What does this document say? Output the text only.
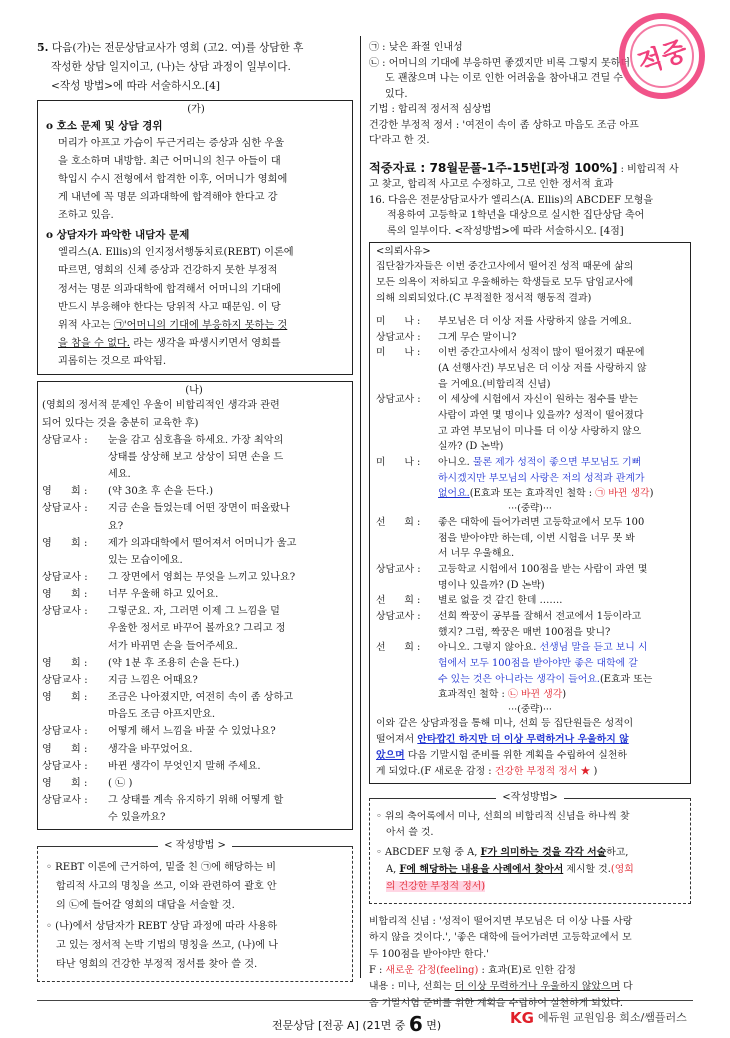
5. 다음(가)는 전문상담교사가 영희 (고2. 여)를 상담한 후
작성한 상담 일지이고, (나)는 상담 과정이 일부이다.
<작성 방법>에 따라 서술하시오.[4]
(가)
o 호소 문제 및 상담 경위
머리가 아프고 가슴이 두근거리는 증상과 심한 우울
을 호소하며 내방함. 최근 어머니의 친구 아들이 대
학입시 수시 전형에서 합격한 이후, 어머니가 영희에
게 내년에 꼭 명문 의과대학에 합격해야 한다고 강
조하고 있음.
o 상담자가 파악한 내담자 문제
엘리스(A. Ellis)의 인지정서행동치료(REBT) 이론에
따르면, 영희의 신체 증상과 건강하지 못한 부정적
정서는 명문 의과대학에 합격해서 어머니의 기대에
반드시 부응해야 한다는 당위적 사고 때문임. 이 당
위적 사고는 ㉠'어머니의 기대에 부응하지 못하는 것
을 참을 수 없다. 라는 생각을 파생시키면서 영희를
괴롭히는 것으로 파악됨.
(나)
(영희의 정서적 문제인 우울이 비합리적인 생각과 관련
되어 있다는 것을 충분히 교육한 후)
상담교사 :	눈을 감고 심호흡을 하세요. 가장 최악의
상태를 상상해 보고 상상이 되면 손을 드
세요.
영      희 :	(약 30초 후 손을 든다.)
상담교사 :	지금 손을 들었는데 어떤 장면이 떠올랐나
요?
영      희 :	제가 의과대학에서 떨어져서 어머니가 울고
있는 모습이에요.
상담교사 :	그 장면에서 영희는 무엇을 느끼고 있나요?
영      희 :	너무 우울해 하고 있어요.
상담교사 :	그렇군요. 자, 그러면 이제 그 느낌을 덜
우울한 정서로 바꾸어 볼까요? 그리고 정
서가 바뀌면 손을 들어주세요.
영      희 :	(약 1분 후 조용히 손을 든다.)
상담교사 :	지금 느낌은 어때요?
영      희 :	조금은 나아졌지만, 여전히 속이 좀 상하고
마음도 조금 아프지만요.
상담교사 :	어떻게 해서 느낌을 바꿀 수 있었나요?
영      희 :	생각을 바꾸었어요.
상담교사 :	바뀐 생각이 무엇인지 말해 주세요.
영      희 :	( ㉡ )
상담교사 :	그 상태를 계속 유지하기 위해 어떻게 할
수 있을까요?
< 작성방법 >
◦ REBT 이론에 근거하여, 밑줄 친 ㉠에 해당하는 비
합리적 사고의 명칭을 쓰고, 이와 관련하여 괄호 안
의 ㉡에 들어갈 영희의 대답을 서술할 것.
◦ (나)에서 상담자가 REBT 상담 과정에 따라 사용하
고 있는 정서적 논박 기법의 명칭을 쓰고, (나)에 나
타난 영희의 건강한 부정적 정서를 찾아 쓸 것.
㉠ : 낮은 좌절 인내성
㉡ : 어머니의 기대에 부응하면 좋겠지만 비록 그렇지 못하더
도 괜찮으며 나는 이로 인한 어려움을 참아내고 견딜 수
있다.
기법 : 합리적 정서적 심상법
건강한 부정적 정서 : '여전이 속이 좀 상하고 마음도 조금 아프
다'라고 한 것.
적중자료 : 78월문풀-1주-15번[과정 100%] : 비합리적 사
고 찾고, 합리적 사고로 수정하고, 그로 인한 정서적 효과
16. 다음은 전문상담교사가 엘리스(A. Ellis)의 ABCDEF 모형을
적용하여 고등학교 1학년을 대상으로 실시한 집단상담 축어
록의 일부이다. <작성방법>에 따라 서술하시오. [4점]
<의뢰사유>
집단참가자들은 이번 중간고사에서 떨어진 성적 때문에 삶의
모든 의욕이 저하되고 우울해하는 학생들로 모두 담임교사에
의해 의뢰되었다.(C 부적절한 정서적 행동적 결과)
미      나 :	부모님은 더 이상 저를 사랑하지 않을 거예요.
상담교사 :	그게 무슨 말이니?
미      나 :	이번 중간고사에서 성적이 많이 떨어졌기 때문에
(A 선행사건) 부모님은 더 이상 저를 사랑하지 않
을 거예요.(비합리적 신념)
상담교사 :	이 세상에 시험에서 자신이 원하는 점수를 받는
사람이 과연 몇 명이나 있을까? 성적이 떨어졌다
고 과연 부모님이 미나를 더 이상 사랑하지 않으
실까? (D 논박)
미      나 :	아니오. 물론 제가 성적이 좋으면 부모님도 기뻐
하시겠지만 부모님의 사랑은 저의 성적과 관계가
없어요.(E효과 또는 효과적인 철학 : ㉠ 바뀐 생각)
···(중략)···
선      희 :	좋은 대학에 들어가려면 고등학교에서 모두 100
점을 받아야만 하는데, 이번 시험을 너무 못 봐
서 너무 우울해요.
상담교사 :	고등학교 시험에서 100점을 받는 사람이 과연 몇
명이나 있을까? (D 논박)
선      희 :	별로 없을 것 같긴 한데 …….
상담교사 :	선희 짝꿍이 공부를 잘해서 전교에서 1등이라고
했지? 그럼, 짝꿍은 매번 100점을 맞니?
선      희 :	아니오. 그렇지 않아요. 선생님 말을 듣고 보니 시
험에서 모두 100점을 받아야만 좋은 대학에 갈
수 있는 것은 아니라는 생각이 들어요.(E효과 또는
효과적인 철학 : ㉡ 바뀐 생각)
···(중략)···
이와 같은 상담과정을 통해 미나, 선희 등 집단원들은 성적이
떨어져서 안타깝긴 하지만 더 이상 무력하거나 우울하지 않
았으며 다음 기말시험 준비를 위한 계획을 수립하여 실천하
게 되었다.(F 새로운 감정 : 건강한 부정적 정서 ★ )
<작성방법>
◦ 위의 축어록에서 미나, 선희의 비합리적 신념을 하나씩 찾
아서 쓸 것.
◦ ABCDEF 모형 중 A, F가 의미하는 것을 각각 서술하고,
A, F에 해당하는 내용을 사례에서 찾아서 제시할 것.(영희
의 건강한 부정적 정서)
비합리적 신념 : '성적이 떨어지면 부모님은 더 이상 나를 사랑
하지 않을 것이다.', '좋은 대학에 들어가려면 고등학교에서 모
두 100점을 받아야만 한다.'
F : 새로운 감정(feeling) : 효과(E)로 인한 감정
내용 : 미나, 선희는 더 이상 무력하거나 우울하지 않았으며 다
음 기말시험 준비를 위한 계획을 수립하여 실천하게 되었다.
적중
전문상담 [전공 A] (21면 중 6 면)	KG 에듀원 교원임용 희소/쌤플러스
